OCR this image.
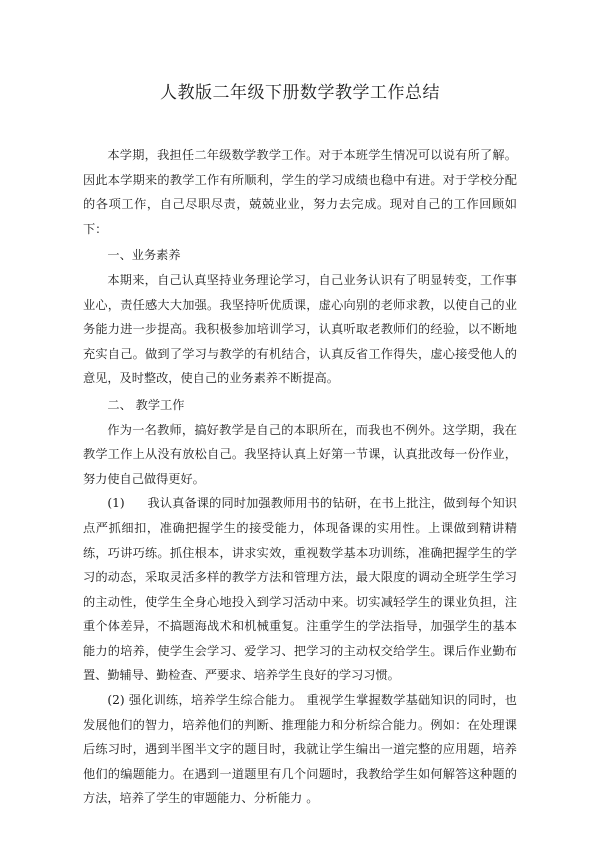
人教版二年级下册数学教学工作总结

本学期，我担任二年级数学教学工作。对于本班学生情况可以说有所了解。因此本学期来的教学工作有所顺利，学生的学习成绩也稳中有进。对于学校分配的各项工作，自己尽职尽责，兢兢业业，努力去完成。现对自己的工作回顾如下：

一、业务素养

本期来，自己认真坚持业务理论学习，自己业务认识有了明显转变，工作事业心，责任感大大加强。我坚持听优质课，虚心向别的老师求教，以使自己的业务能力进一步提高。我积极参加培训学习，认真听取老教师们的经验，以不断地充实自己。做到了学习与教学的有机结合，认真反省工作得失，虚心接受他人的意见，及时整改，使自己的业务素养不断提高。

二、 教学工作

作为一名教师，搞好教学是自己的本职所在，而我也不例外。这学期，我在教学工作上从没有放松自己。我坚持认真上好第一节课，认真批改每一份作业，努力使自己做得更好。

(1) 我认真备课的同时加强教师用书的钻研，在书上批注，做到每个知识点严抓细扣，准确把握学生的接受能力，体现备课的实用性。上课做到精讲精练，巧讲巧练。抓住根本，讲求实效，重视数学基本功训练，准确把握学生的学习的动态，采取灵活多样的教学方法和管理方法，最大限度的调动全班学生学习的主动性，使学生全身心地投入到学习活动中来。切实减轻学生的课业负担，注重个体差异，不搞题海战术和机械重复。注重学生的学法指导，加强学生的基本能力的培养，使学生会学习、爱学习、把学习的主动权交给学生。课后作业勤布置、勤辅导、勤检查、严要求、培养学生良好的学习习惯。

(2) 强化训练，培养学生综合能力。 重视学生掌握数学基础知识的同时，也发展他们的智力，培养他们的判断、推理能力和分析综合能力。例如：在处理课后练习时，遇到半图半文字的题目时，我就让学生编出一道完整的应用题，培养他们的编题能力。在遇到一道题里有几个问题时，我教给学生如何解答这种题的方法，培养了学生的审题能力、分析能力 。
